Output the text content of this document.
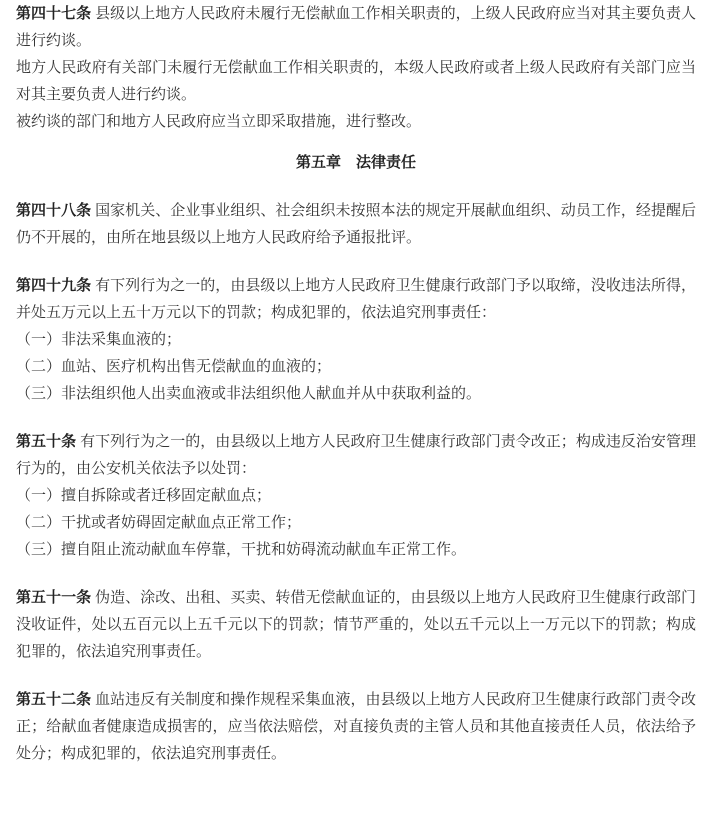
第四十七条 县级以上地方人民政府未履行无偿献血工作相关职责的，上级人民政府应当对其主要负责人进行约谈。

地方人民政府有关部门未履行无偿献血工作相关职责的，本级人民政府或者上级人民政府有关部门应当对其主要负责人进行约谈。

被约谈的部门和地方人民政府应当立即采取措施，进行整改。

第五章　法律责任

第四十八条 国家机关、企业事业组织、社会组织未按照本法的规定开展献血组织、动员工作，经提醒后仍不开展的，由所在地县级以上地方人民政府给予通报批评。

第四十九条 有下列行为之一的，由县级以上地方人民政府卫生健康行政部门予以取缔，没收违法所得，并处五万元以上五十万元以下的罚款；构成犯罪的，依法追究刑事责任：

（一）非法采集血液的；

（二）血站、医疗机构出售无偿献血的血液的；

（三）非法组织他人出卖血液或非法组织他人献血并从中获取利益的。

第五十条 有下列行为之一的，由县级以上地方人民政府卫生健康行政部门责令改正；构成违反治安管理行为的，由公安机关依法予以处罚：

（一）擅自拆除或者迁移固定献血点；

（二）干扰或者妨碍固定献血点正常工作；

（三）擅自阻止流动献血车停靠，干扰和妨碍流动献血车正常工作。

第五十一条 伪造、涂改、出租、买卖、转借无偿献血证的，由县级以上地方人民政府卫生健康行政部门没收证件，处以五百元以上五千元以下的罚款；情节严重的，处以五千元以上一万元以下的罚款；构成犯罪的，依法追究刑事责任。

第五十二条 血站违反有关制度和操作规程采集血液，由县级以上地方人民政府卫生健康行政部门责令改正；给献血者健康造成损害的，应当依法赔偿，对直接负责的主管人员和其他直接责任人员，依法给予处分；构成犯罪的，依法追究刑事责任。
